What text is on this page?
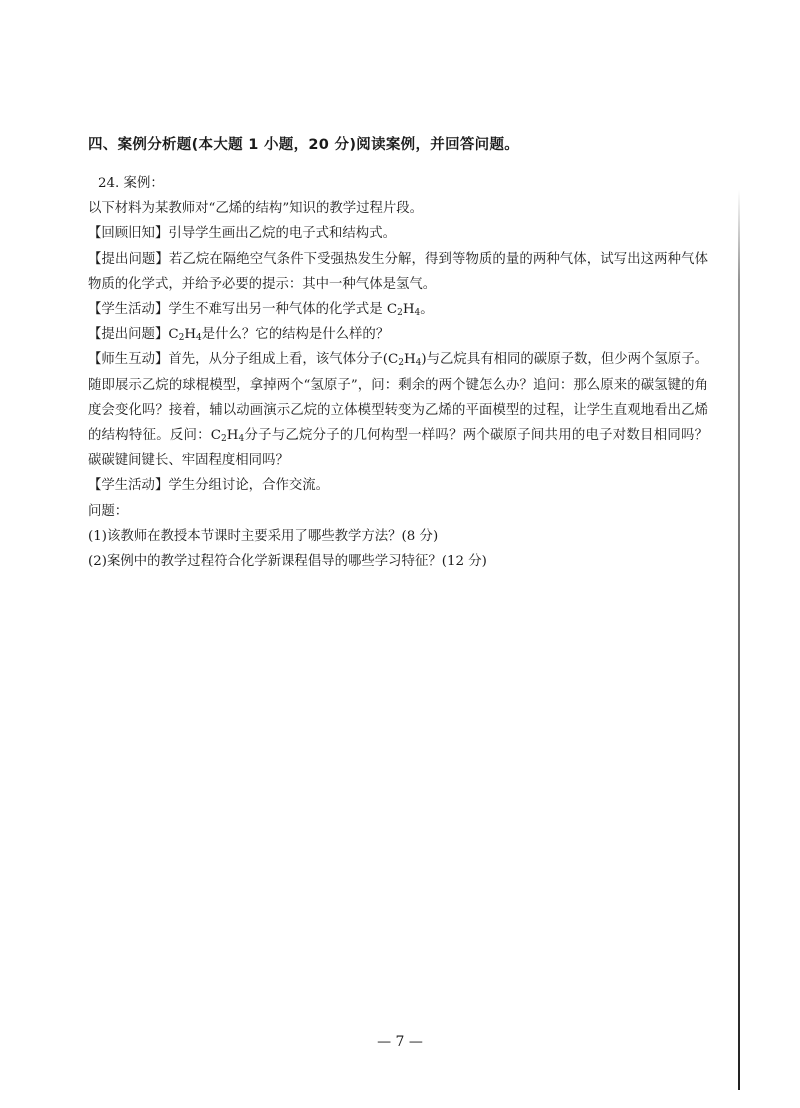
四、案例分析题(本大题 1 小题，20 分)阅读案例，并回答问题。

24. 案例：

以下材料为某教师对“乙烯的结构”知识的教学过程片段。

【回顾旧知】引导学生画出乙烷的电子式和结构式。

【提出问题】若乙烷在隔绝空气条件下受强热发生分解，得到等物质的量的两种气体，试写出这两种气体物质的化学式，并给予必要的提示：其中一种气体是氢气。

【学生活动】学生不难写出另一种气体的化学式是 $C_2H_4$。

【提出问题】$C_2H_4$是什么？它的结构是什么样的？

【师生互动】首先，从分子组成上看，该气体分子$(C_2H_4)$与乙烷具有相同的碳原子数，但少两个氢原子。随即展示乙烷的球棍模型，拿掉两个“氢原子”，问：剩余的两个键怎么办？追问：那么原来的碳氢键的角度会变化吗？接着，辅以动画演示乙烷的立体模型转变为乙烯的平面模型的过程，让学生直观地看出乙烯的结构特征。反问：$C_2H_4$分子与乙烷分子的几何构型一样吗？两个碳原子间共用的电子对数目相同吗？碳碳键间键长、牢固程度相同吗？

【学生活动】学生分组讨论，合作交流。

问题：

(1)该教师在教授本节课时主要采用了哪些教学方法？(8 分)

(2)案例中的教学过程符合化学新课程倡导的哪些学习特征？(12 分)

— 7 —
